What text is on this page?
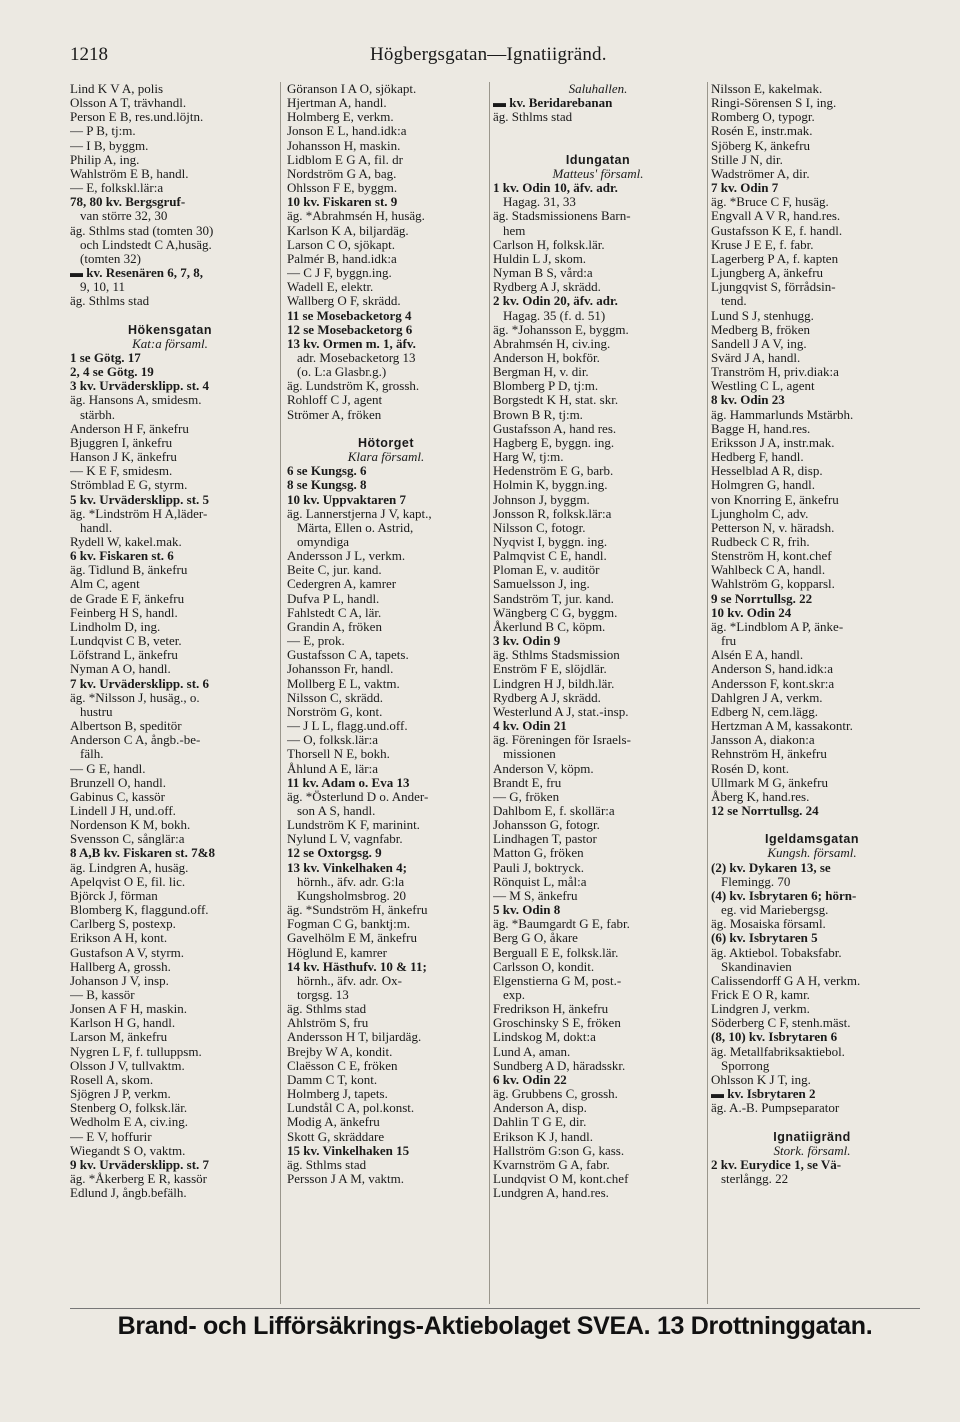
1218	Högbergsgatan—Ignatiigränd.

Lind K V A, polis

Olsson A T, trävhandl.

Person E B, res.und.löjtn.

— P B, tj:m.

— I B, byggm.

Philip A, ing.

Wahlström E B, handl.

— E, folkskl.lär:a

78, 80 kv. Bergsgruf-

van större 32, 30

äg. Sthlms stad (tomten 30)

och Lindstedt C A,husäg.

(tomten 32)

▬ kv. Resenären 6, 7, 8,

9, 10, 11

äg. Sthlms stad

Hökensgatan

Kat:a församl.

1 se Götg. 17

2, 4 se Götg. 19

3 kv. Urvädersklipp. st. 4

äg. Hansons A, smidesm.

stärbh.

Anderson H F, änkefru

Bjuggren I, änkefru

Hanson J K, änkefru

— K E F, smidesm.

Strömblad E G, styrm.

5 kv. Urvädersklipp. st. 5

äg. *Lindström H A,läder-

handl.

Rydell W, kakel.mak.

6 kv. Fiskaren st. 6

äg. Tidlund B, änkefru

Alm C, agent

de Grade E F, änkefru

Feinberg H S, handl.

Lindholm D, ing.

Lundqvist C B, veter.

Löfstrand L, änkefru

Nyman A O, handl.

7 kv. Urvädersklipp. st. 6

äg. *Nilsson J, husäg., o.

hustru

Albertson B, speditör

Anderson C A, ångb.-be-

fälh.

— G E, handl.

Brunzell O, handl.

Gabinus C, kassör

Lindell J H, und.off.

Nordenson K M, bokh.

Svensson C, sånglär:a

8 A,B kv. Fiskaren st. 7&8

äg. Lindgren A, husäg.

Apelqvist O E, fil. lic.

Björck J, förman

Blomberg K, flaggund.off.

Carlberg S, postexp.

Erikson A H, kont.

Gustafson A V, styrm.

Hallberg A, grossh.

Johanson J V, insp.

— B, kassör

Jonsen A F H, maskin.

Karlson H G, handl.

Larson M, änkefru

Nygren L F, f. tulluppsm.

Olsson J V, tullvaktm.

Rosell A, skom.

Sjögren J P, verkm.

Stenberg O, folksk.lär.

Wedholm E A, civ.ing.

— E V, hoffurir

Wiegandt S O, vaktm.

9 kv. Urvädersklipp. st. 7

äg. *Åkerberg E R, kassör

Edlund J, ångb.befälh.

Göranson I A O, sjökapt.

Hjertman A, handl.

Holmberg E, verkm.

Jonson E L, hand.idk:a

Johansson H, maskin.

Lidblom E G A, fil. dr

Nordström G A, bag.

Ohlsson F E, byggm.

10 kv. Fiskaren st. 9

äg. *Abrahmsén H, husäg.

Karlson K A, biljardäg.

Larson C O, sjökapt.

Palmér B, hand.idk:a

— C J F, byggn.ing.

Wadell E, elektr.

Wallberg O F, skrädd.

11 se Mosebacketorg 4

12 se Mosebacketorg 6

13 kv. Ormen m. 1, äfv.

adr. Mosebacketorg 13

(o. L:a Glasbr.g.)

äg. Lundström K, grossh.

Rohloff C J, agent

Strömer A, fröken

Hötorget

Klara församl.

6 se Kungsg. 6

8 se Kungsg. 8

10 kv. Uppvaktaren 7

äg. Lannerstjerna J V, kapt.,

Märta, Ellen o. Astrid,

omyndiga

Andersson J L, verkm.

Beite C, jur. kand.

Cedergren A, kamrer

Dufva P L, handl.

Fahlstedt C A, lär.

Grandin A, fröken

— E, prok.

Gustafsson C A, tapets.

Johansson Fr, handl.

Mollberg E L, vaktm.

Nilsson C, skrädd.

Norström G, kont.

— J L L, flagg.und.off.

— O, folksk.lär:a

Thorsell N E, bokh.

Åhlund A E, lär:a

11 kv. Adam o. Eva 13

äg. *Österlund D o. Ander-

son A S, handl.

Lundström K F, marinint.

Nylund L V, vagnfabr.

12 se Oxtorgsg. 9

13 kv. Vinkelhaken 4;

hörnh., äfv. adr. G:la

Kungsholmsbrog. 20

äg. *Sundström H, änkefru

Fogman C G, banktj:m.

Gavelhölm E M, änkefru

Höglund E, kamrer

14 kv. Hästhufv. 10 & 11;

hörnh., äfv. adr. Ox-

torgsg. 13

äg. Sthlms stad

Ahlström S, fru

Andersson H T, biljardäg.

Brejby W A, kondit.

Claësson C E, fröken

Damm C T, kont.

Holmberg J, tapets.

Lundstål C A, pol.konst.

Modig A, änkefru

Skott G, skräddare

15 kv. Vinkelhaken 15

äg. Sthlms stad

Persson J A M, vaktm.

Saluhallen.

▬ kv. Beridarebanan

äg. Sthlms stad

Idungatan

Matteus' församl.

1 kv. Odin 10, äfv. adr.

Hagag. 31, 33

äg. Stadsmissionens Barn-

hem

Carlson H, folksk.lär.

Huldin L J, skom.

Nyman B S, vård:a

Rydberg A J, skrädd.

2 kv. Odin 20, äfv. adr.

Hagag. 35 (f. d. 51)

äg. *Johansson E, byggm.

Abrahmsén H, civ.ing.

Anderson H, bokför.

Bergman H, v. dir.

Blomberg P D, tj:m.

Borgstedt K H, stat. skr.

Brown B R, tj:m.

Gustafsson A, hand res.

Hagberg E, byggn. ing.

Harg W, tj:m.

Hedenström E G, barb.

Holmin K, byggn.ing.

Johnson J, byggm.

Jonsson R, folksk.lär:a

Nilsson C, fotogr.

Nyqvist I, byggn. ing.

Palmqvist C E, handl.

Ploman E, v. auditör

Samuelsson J, ing.

Sandström T, jur. kand.

Wängberg C G, byggm.

Åkerlund B C, köpm.

3 kv. Odin 9

äg. Sthlms Stadsmission

Enström F E, slöjdlär.

Lindgren H J, bildh.lär.

Rydberg A J, skrädd.

Westerlund A J, stat.-insp.

4 kv. Odin 21

äg. Föreningen för Israels-

missionen

Anderson V, köpm.

Brandt E, fru

— G, fröken

Dahlbom E, f. skollär:a

Johansson G, fotogr.

Lindhagen T, pastor

Matton G, fröken

Pauli J, boktryck.

Rönquist L, mål:a

— M S, änkefru

5 kv. Odin 8

äg. *Baumgardt G E, fabr.

Berg G O, åkare

Berguall E E, folksk.lär.

Carlsson O, kondit.

Elgenstierna G M, post.-

exp.

Fredrikson H, änkefru

Groschinsky S E, fröken

Lindskog M, dokt:a

Lund A, aman.

Sundberg A D, häradsskr.

6 kv. Odin 22

äg. Grubbens C, grossh.

Anderson A, disp.

Dahlin T G E, dir.

Erikson K J, handl.

Hallström G:son G, kass.

Kvarnström G A, fabr.

Lundqvist O M, kont.chef

Lundgren A, hand.res.

Nilsson E, kakelmak.

Ringi-Sörensen S I, ing.

Romberg O, typogr.

Rosén E, instr.mak.

Sjöberg K, änkefru

Stille J N, dir.

Wadströmer A, dir.

7 kv. Odin 7

äg. *Bruce C F, husäg.

Engvall A V R, hand.res.

Gustafsson K E, f. handl.

Kruse J E E, f. fabr.

Lagerberg P A, f. kapten

Ljungberg A, änkefru

Ljungqvist S, förrådsin-

tend.

Lund S J, stenhugg.

Medberg B, fröken

Sandell J A V, ing.

Svärd J A, handl.

Tranström H, priv.diak:a

Westling C L, agent

8 kv. Odin 23

äg. Hammarlunds Mstärbh.

Bagge H, hand.res.

Eriksson J A, instr.mak.

Hedberg F, handl.

Hesselblad A R, disp.

Holmgren G, handl.

von Knorring E, änkefru

Ljungholm C, adv.

Petterson N, v. häradsh.

Rudbeck C R, frih.

Stenström H, kont.chef

Wahlbeck C A, handl.

Wahlström G, kopparsl.

9 se Norrtullsg. 22

10 kv. Odin 24

äg. *Lindblom A P, änke-

fru

Alsén E A, handl.

Anderson S, hand.idk:a

Andersson F, kont.skr:a

Dahlgren J A, verkm.

Edberg N, cem.lägg.

Hertzman A M, kassakontr.

Jansson A, diakon:a

Rehnström H, änkefru

Rosén D, kont.

Ullmark M G, änkefru

Åberg K, hand.res.

12 se Norrtullsg. 24

Igeldamsgatan

Kungsh. församl.

(2) kv. Dykaren 13, se

Flemingg. 70

(4) kv. Isbrytaren 6; hörn-

eg. vid Mariebergsg.

äg. Mosaiska församl.

(6) kv. Isbrytaren 5

äg. Aktiebol. Tobaksfabr.

Skandinavien

Calissendorff G A H, verkm.

Frick E O R, kamr.

Lindgren J, verkm.

Söderberg C F, stenh.mäst.

(8, 10) kv. Isbrytaren 6

äg. Metallfabriksaktiebol.

Sporrong

Ohlsson K J T, ing.

▬ kv. Isbrytaren 2

äg. A.-B. Pumpseparator

Ignatiigränd

Stork. församl.

2 kv. Eurydice 1, se Vä-

sterlångg. 22

Brand- och Lifförsäkrings-Aktiebolaget SVEA. 13 Drottninggatan.
